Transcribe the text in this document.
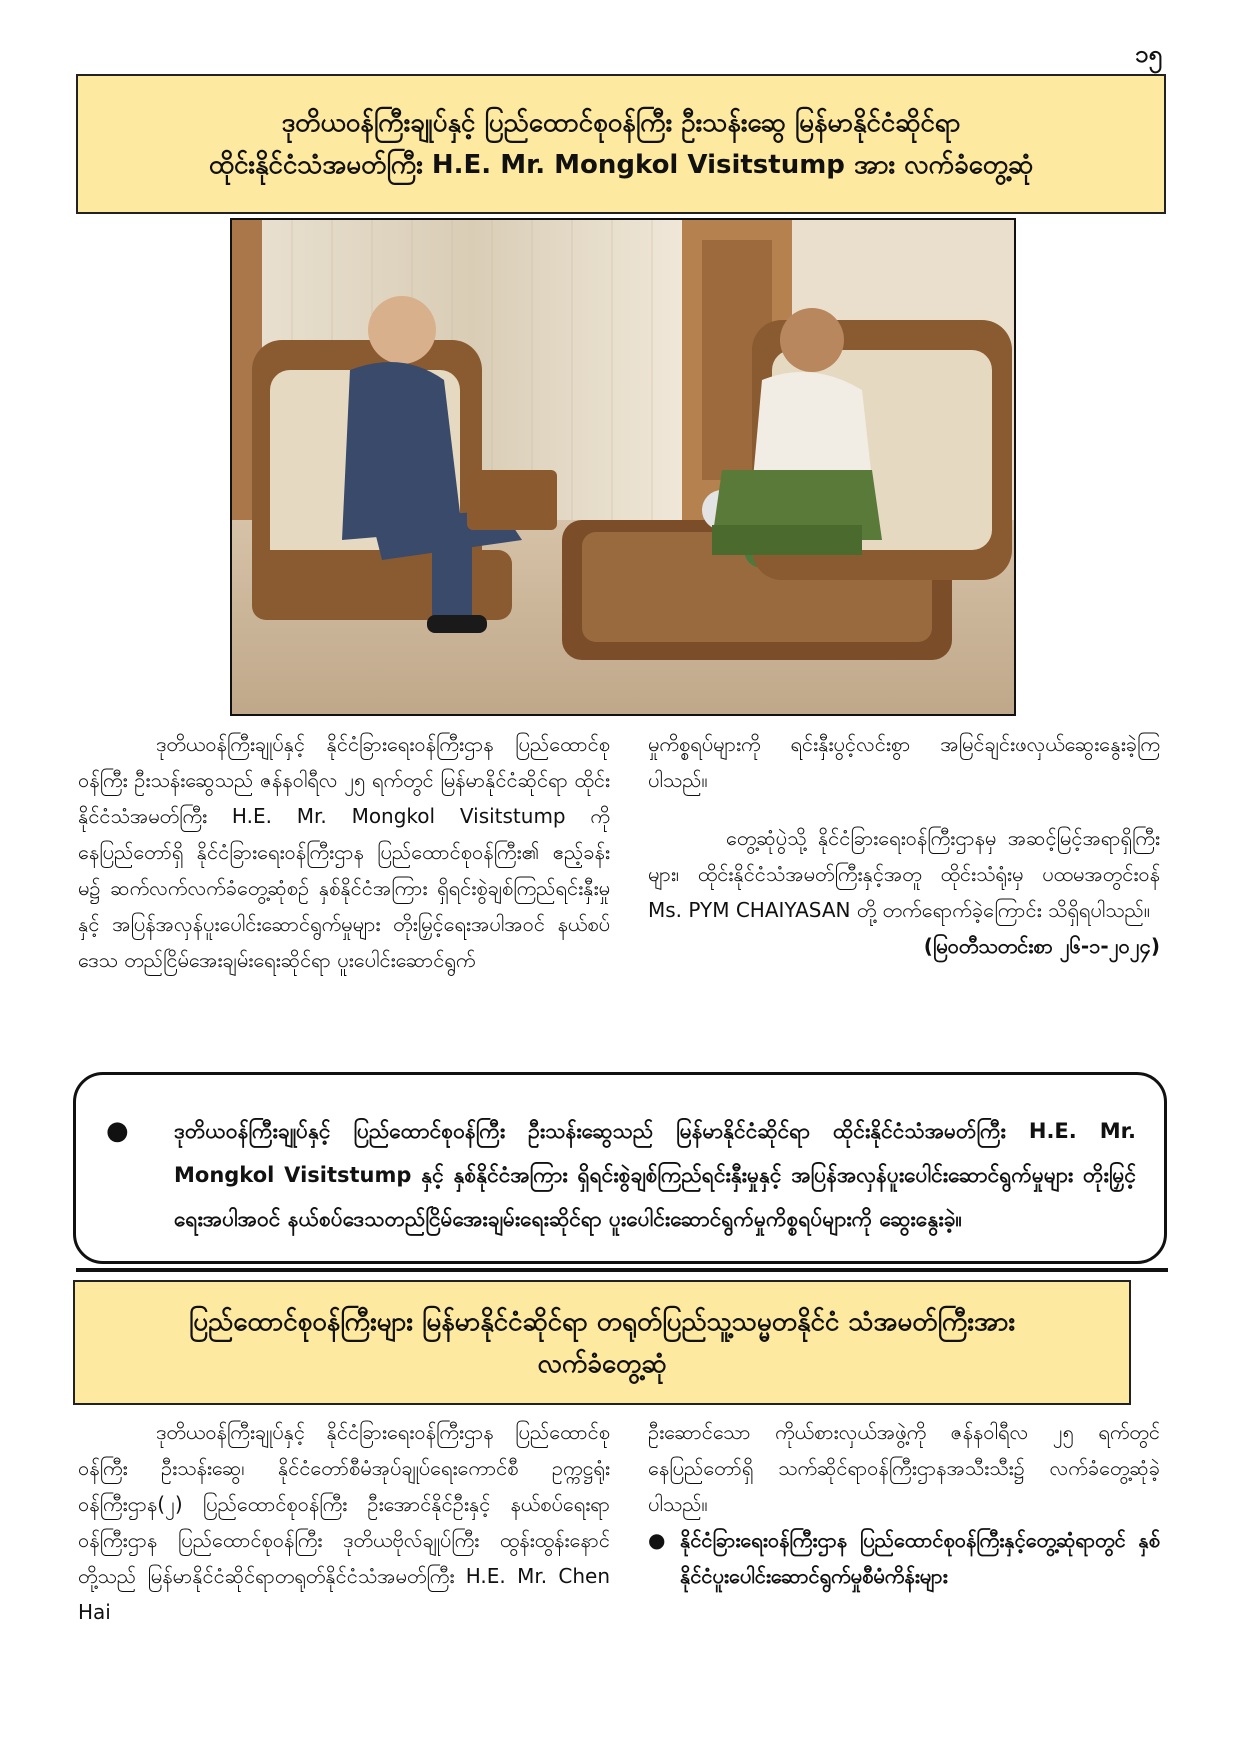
၁၅
ဒုတိယဝန်ကြီးချုပ်နှင့် ပြည်ထောင်စုဝန်ကြီး ဦးသန်းဆွေ မြန်မာနိုင်ငံဆိုင်ရာ
ထိုင်းနိုင်ငံသံအမတ်ကြီး H.E. Mr. Mongkol Visitstump အား လက်ခံတွေ့ဆုံ

ဒုတိယဝန်ကြီးချုပ်နှင့် နိုင်ငံခြားရေးဝန်ကြီးဌာန ပြည်ထောင်စုဝန်ကြီး ဦးသန်းဆွေသည် ဇန်နဝါရီလ ၂၅ ရက်တွင် မြန်မာနိုင်ငံဆိုင်ရာ ထိုင်းနိုင်ငံသံအမတ်ကြီး H.E. Mr. Mongkol Visitstump ကို နေပြည်တော်ရှိ နိုင်ငံခြားရေးဝန်ကြီးဌာန ပြည်ထောင်စုဝန်ကြီး၏ ဧည့်ခန်းမ၌ ဆက်လက်လက်ခံတွေ့ဆုံစဉ် နှစ်နိုင်ငံအကြား ရှိရင်းစွဲချစ်ကြည်ရင်းနှီးမှုနှင့် အပြန်အလှန်ပူးပေါင်းဆောင်ရွက်မှုများ တိုးမြှင့်ရေးအပါအဝင် နယ်စပ်ဒေသ တည်ငြိမ်အေးချမ်းရေးဆိုင်ရာ ပူးပေါင်းဆောင်ရွက်

မှုကိစ္စရပ်များကို ရင်းနှီးပွင့်လင်းစွာ အမြင်ချင်းဖလှယ်ဆွေးနွေးခဲ့ကြပါသည်။

တွေ့ဆုံပွဲသို့ နိုင်ငံခြားရေးဝန်ကြီးဌာနမှ အဆင့်မြင့်အရာရှိကြီးများ၊ ထိုင်းနိုင်ငံသံအမတ်ကြီးနှင့်အတူ ထိုင်းသံရုံးမှ ပထမအတွင်းဝန် Ms. PYM CHAIYASAN တို့ တက်ရောက်ခဲ့ကြောင်း သိရှိရပါသည်။

(မြဝတီသတင်းစာ ၂၆-၁-၂၀၂၄)

●	ဒုတိယဝန်ကြီးချုပ်နှင့် ပြည်ထောင်စုဝန်ကြီး ဦးသန်းဆွေသည် မြန်မာနိုင်ငံဆိုင်ရာ ထိုင်းနိုင်ငံသံအမတ်ကြီး H.E. Mr. Mongkol Visitstump နှင့် နှစ်နိုင်ငံအကြား ရှိရင်းစွဲချစ်ကြည်ရင်းနှီးမှုနှင့် အပြန်အလှန်ပူးပေါင်းဆောင်ရွက်မှုများ တိုးမြှင့်ရေးအပါအဝင် နယ်စပ်ဒေသတည်ငြိမ်အေးချမ်းရေးဆိုင်ရာ ပူးပေါင်းဆောင်ရွက်မှုကိစ္စရပ်များကို ဆွေးနွေးခဲ့။
ပြည်ထောင်စုဝန်ကြီးများ မြန်မာနိုင်ငံဆိုင်ရာ တရုတ်ပြည်သူ့သမ္မတနိုင်ငံ သံအမတ်ကြီးအား
လက်ခံတွေ့ဆုံ

ဒုတိယဝန်ကြီးချုပ်နှင့် နိုင်ငံခြားရေးဝန်ကြီးဌာန ပြည်ထောင်စုဝန်ကြီး ဦးသန်းဆွေ၊ နိုင်ငံတော်စီမံအုပ်ချုပ်ရေးကောင်စီ ဥက္ကဋ္ဌရုံးဝန်ကြီးဌာန(၂) ပြည်ထောင်စုဝန်ကြီး ဦးအောင်နိုင်ဦးနှင့် နယ်စပ်ရေးရာဝန်ကြီးဌာန ပြည်ထောင်စုဝန်ကြီး ဒုတိယဗိုလ်ချုပ်ကြီး ထွန်းထွန်းနောင်တို့သည် မြန်မာနိုင်ငံဆိုင်ရာတရုတ်နိုင်ငံသံအမတ်ကြီး H.E. Mr. Chen Hai

ဦးဆောင်သော ကိုယ်စားလှယ်အဖွဲ့ကို ဇန်နဝါရီလ ၂၅ ရက်တွင် နေပြည်တော်ရှိ သက်ဆိုင်ရာဝန်ကြီးဌာနအသီးသီး၌ လက်ခံတွေ့ဆုံခဲ့ပါသည်။

● နိုင်ငံခြားရေးဝန်ကြီးဌာန ပြည်ထောင်စုဝန်ကြီးနှင့်တွေ့ဆုံရာတွင် နှစ်နိုင်ငံပူးပေါင်းဆောင်ရွက်မှုစီမံကိန်းများ
